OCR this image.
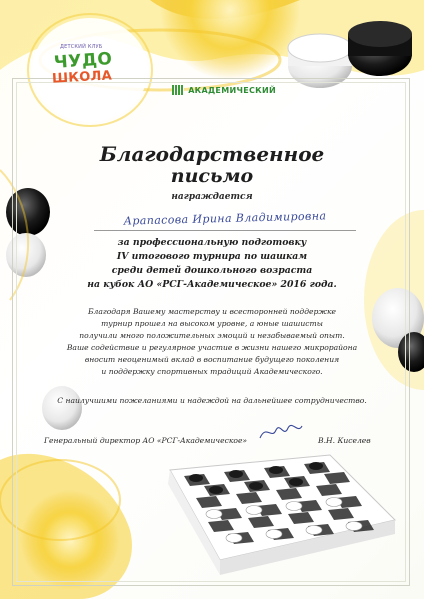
ДЕТСКИЙ КЛУБ
ЧУДО
ШКОЛА
АКАДЕМИЧЕСКИЙ
Благодарственное
письмо
награждается
Арапасова Ирина Владимировна
за профессиональную подготовку
IV итогового турнира по шашкам
среди детей дошкольного возраста
на кубок АО «РСГ-Академическое» 2016 года.
Благодаря Вашему мастерству и всесторонней поддержке
турнир прошел на высоком уровне, а юные шашисты
получили много положительных эмоций и незабываемый опыт.
Ваше содействие и регулярное участие в жизни нашего микрорайона
вносит неоценимый вклад в воспитание будущего поколения
и поддержку спортивных традиций Академического.
С наилучшими пожеланиями и надеждой на дальнейшее сотрудничество.
Генеральный директор АО «РСГ-Академическое»	В.Н. Киселев
